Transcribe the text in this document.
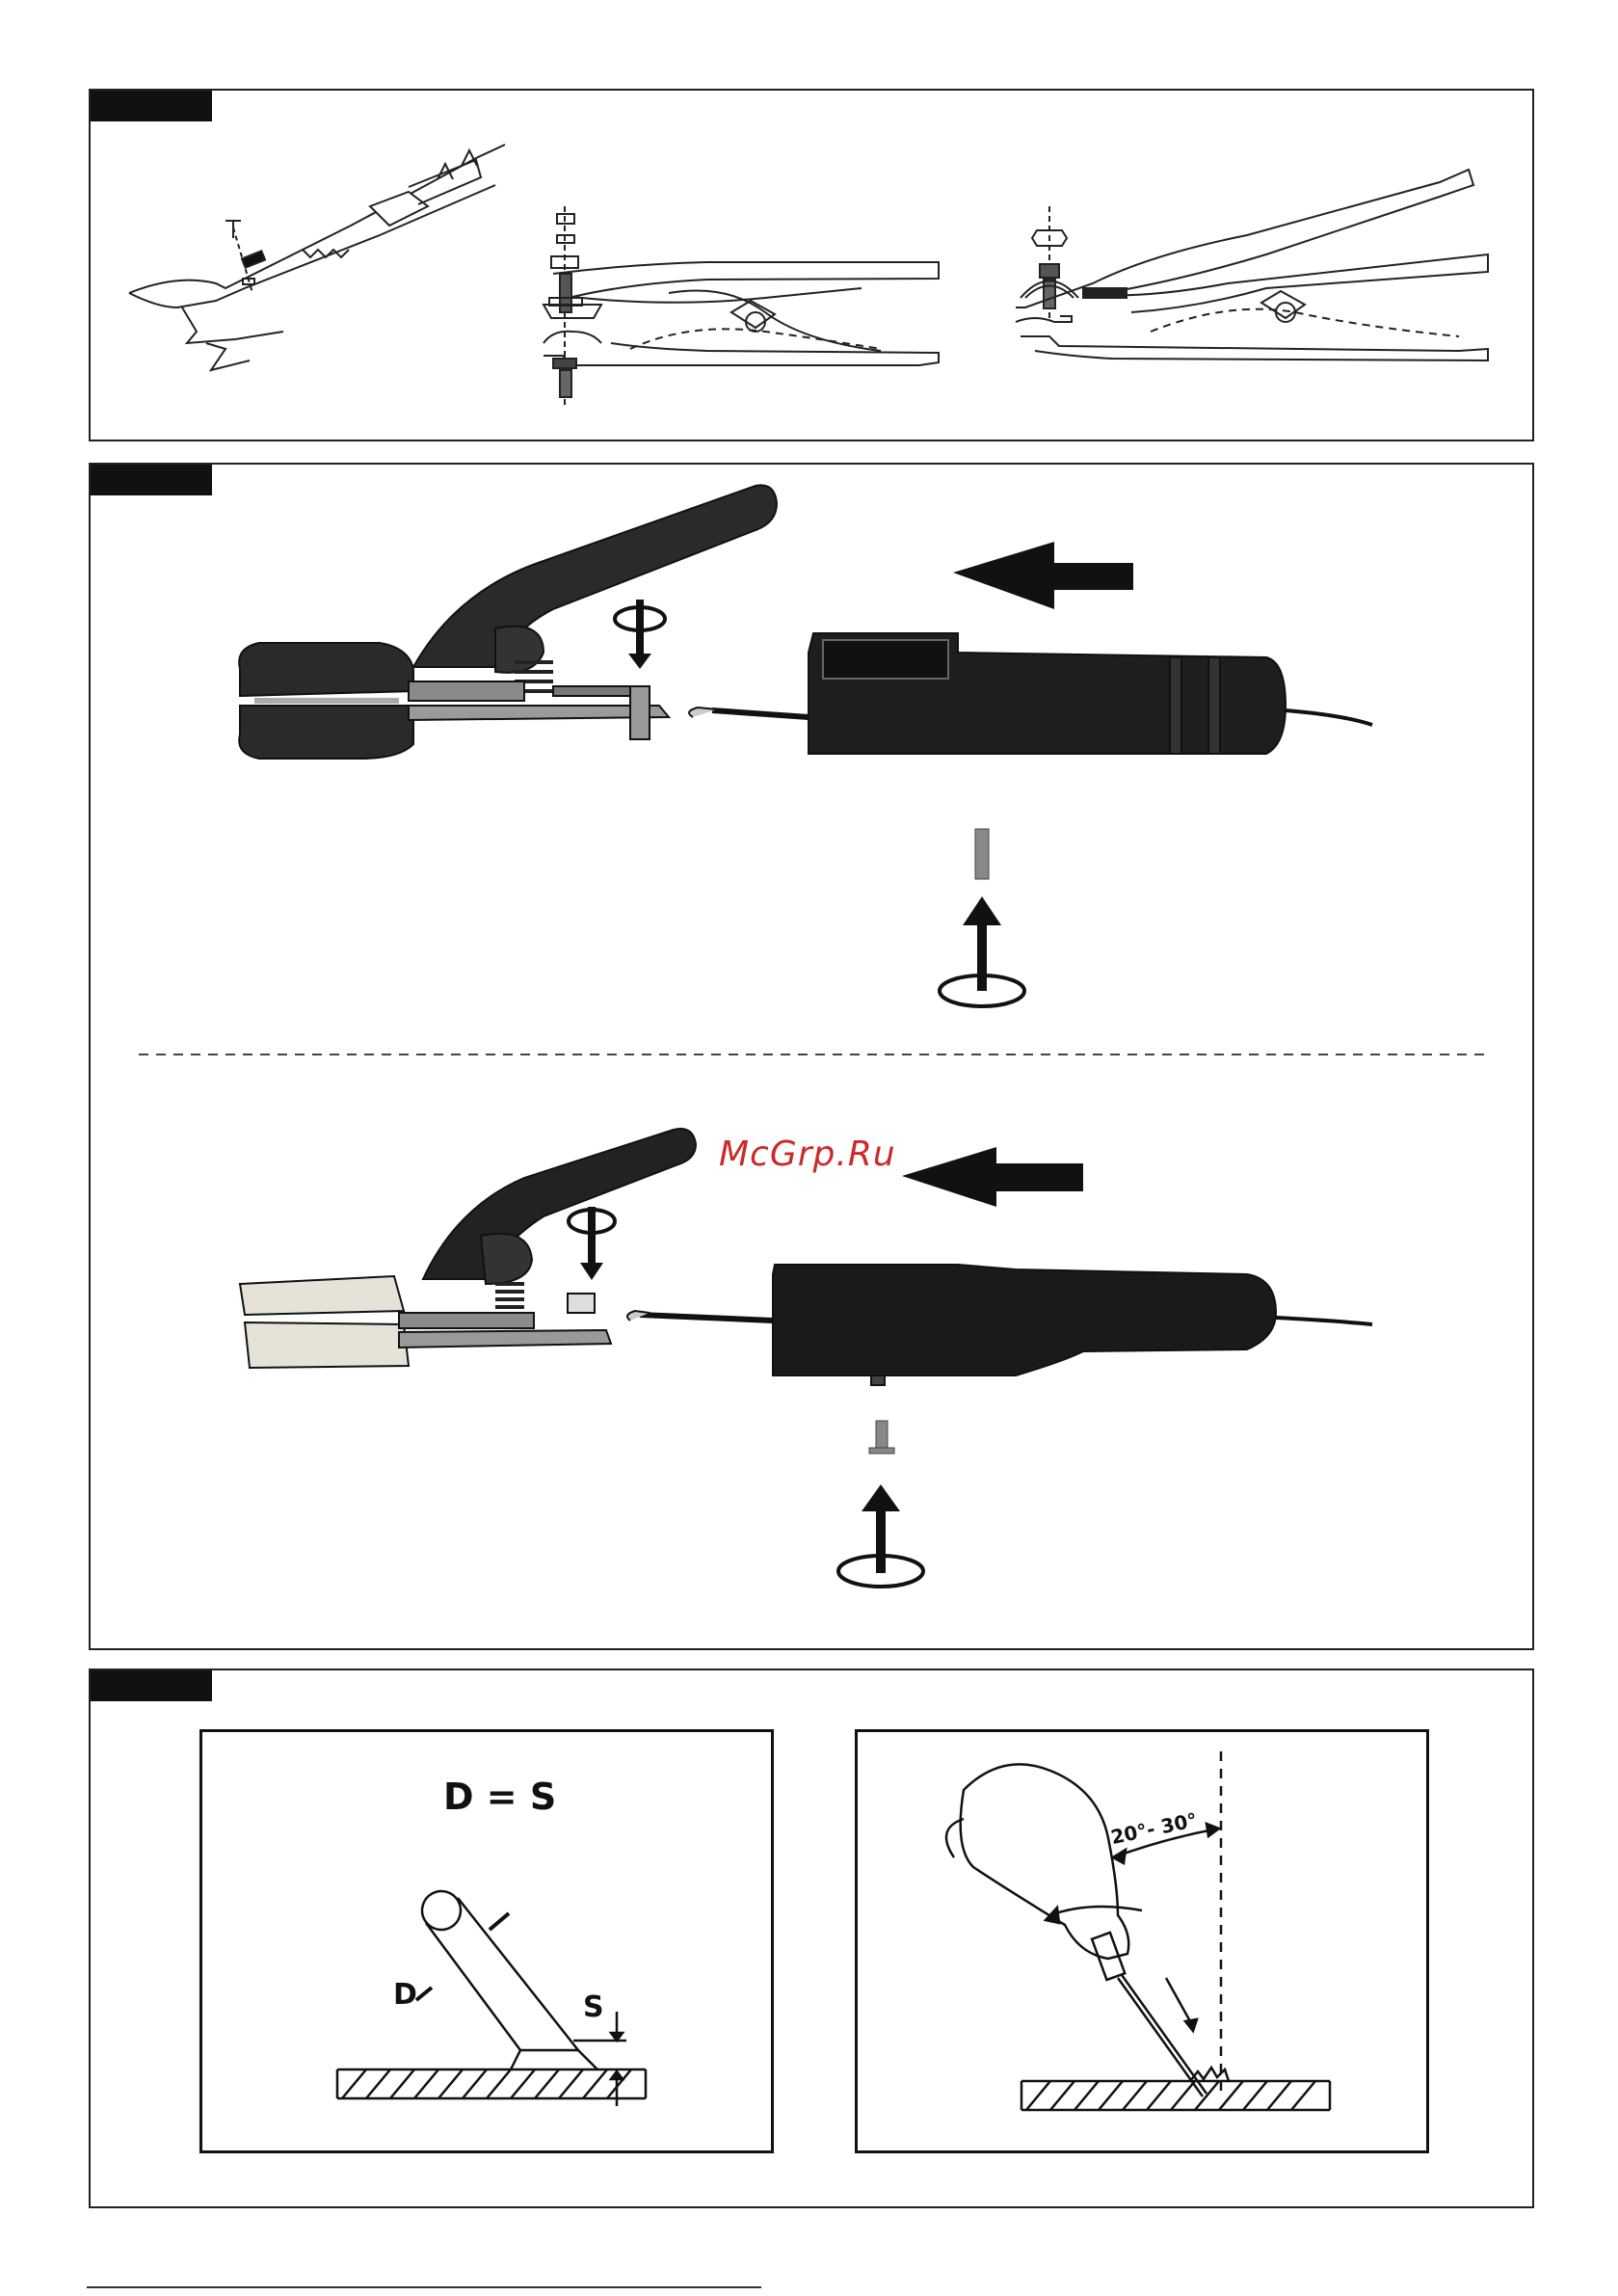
McGrp.Ru
D = S
D	S
20°- 30°
